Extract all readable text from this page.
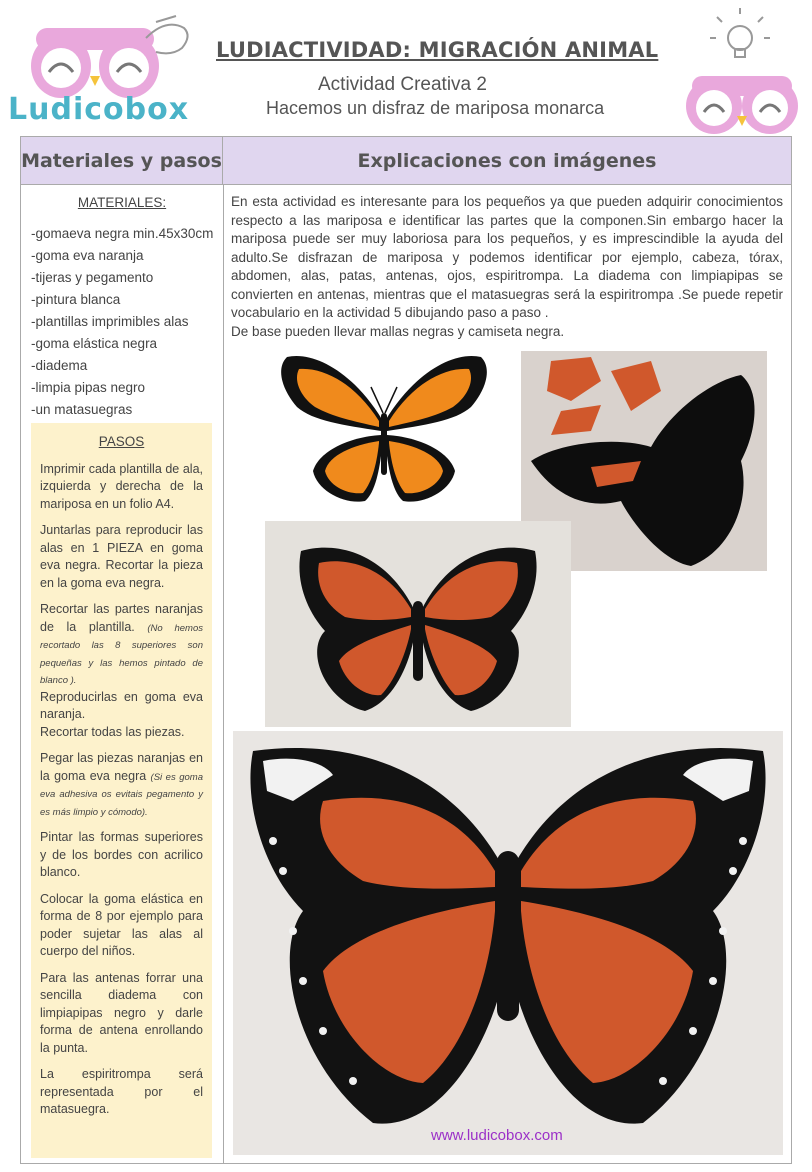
Ludicobox
LUDIACTIVIDAD: MIGRACIÓN ANIMAL
Actividad Creativa 2
Hacemos un disfraz de mariposa monarca
Materiales y pasos	Explicaciones con imágenes
MATERIALES:
-gomaeva negra min.45x30cm
-goma eva naranja
-tijeras y pegamento
-pintura blanca
-plantillas imprimibles alas
-goma elástica negra
-diadema
-limpia pipas negro
-un matasuegras
PASOS

Imprimir cada plantilla de ala, izquierda y derecha de la mariposa en un folio A4.

Juntarlas para reproducir las alas en 1 PIEZA en goma eva negra. Recortar la pieza en la goma eva negra.

Recortar las partes naranjas de la plantilla. (No hemos recortado las 8 superiores son pequeñas y las hemos pintado de blanco ).

Reproducirlas en goma eva naranja.

Recortar todas las piezas.

Pegar las piezas naranjas en la goma eva negra (Si es goma eva adhesiva os evitais pegamento y es más limpio y cómodo).

Pintar las formas superiores y de los bordes con acrilico blanco.

Colocar la goma elástica en forma de 8 por ejemplo para poder sujetar las alas al cuerpo del niños.

Para las antenas forrar una sencilla diadema con limpiapipas negro y darle forma de antena enrollando la punta.

La espiritrompa será representada por el matasuegra.

En esta actividad es interesante para los pequeños ya que pueden adquirir conocimientos respecto a las mariposa e identificar las partes que la componen.Sin embargo hacer la mariposa puede ser muy laboriosa para los pequeños, y es imprescindible la ayuda del adulto.Se disfrazan de mariposa y podemos identificar por ejemplo, cabeza, tórax, abdomen, alas, patas, antenas, ojos, espiritrompa. La diadema con limpiapipas se convierten en antenas, mientras que el matasuegras será la espiritrompa .Se puede repetir vocabulario en la actividad 5 dibujando paso a paso .

De base pueden llevar mallas negras y camiseta negra.

www.ludicobox.com
